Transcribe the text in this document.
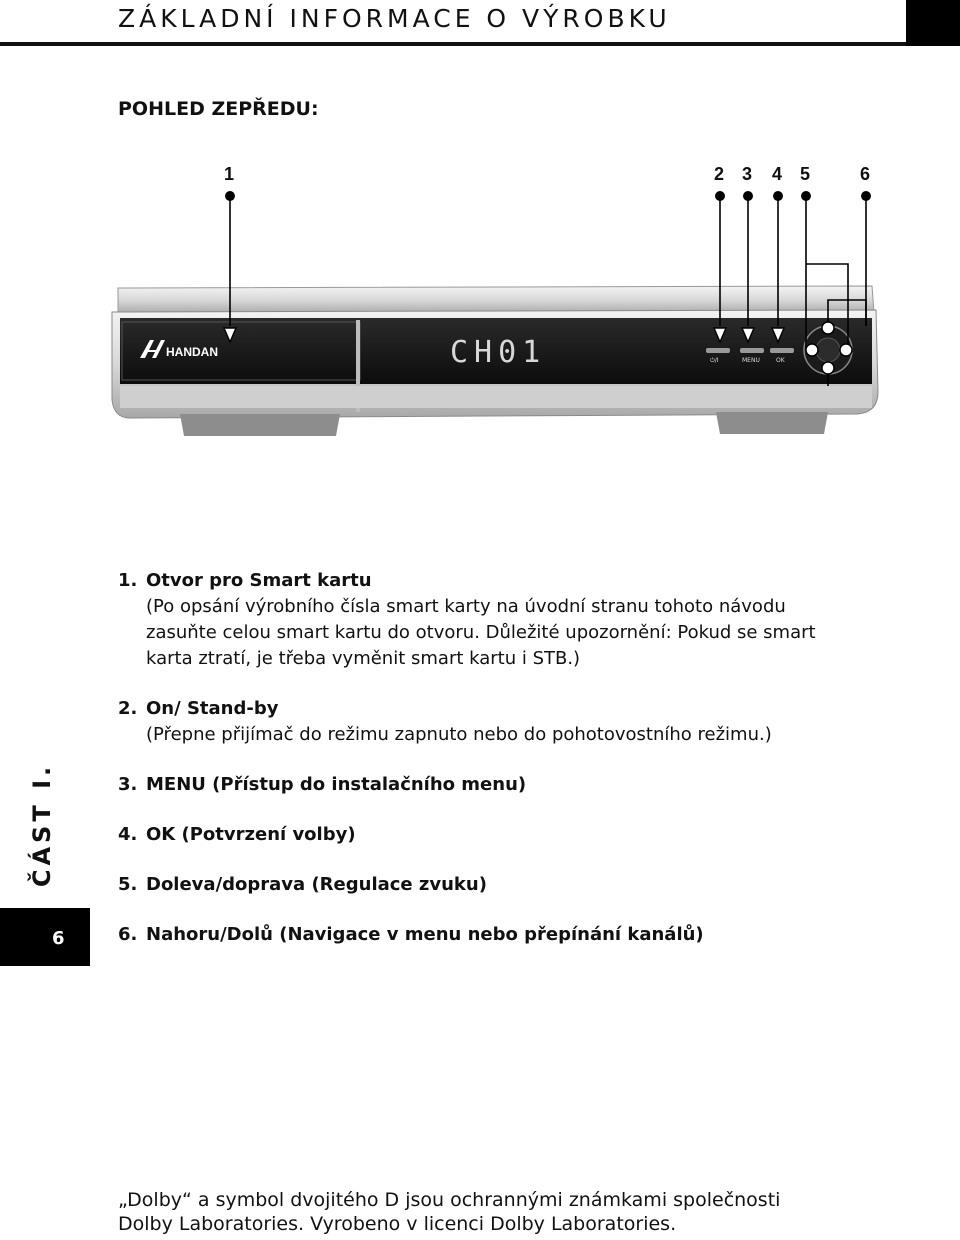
ZÁKLADNÍ INFORMACE O VÝROBKU
POHLED ZEPŘEDU:
1	2 3 4 5	6
HANDAN	CH01	⏻/I	MENU	OK
1. Otvor pro Smart kartu
(Po opsání výrobního čísla smart karty na úvodní stranu tohoto návodu
zasuňte celou smart kartu do otvoru. Důležité upozornění: Pokud se smart
karta ztratí, je třeba vyměnit smart kartu i STB.)
2. On/ Stand-by
(Přepne přijímač do režimu zapnuto nebo do pohotovostního režimu.)
3. MENU (Přístup do instalačního menu)
4. OK (Potvrzení volby)
5. Doleva/doprava (Regulace zvuku)
6. Nahoru/Dolů (Navigace v menu nebo přepínání kanálů)
ČÁST I.
6
„Dolby“ a symbol dvojitého D jsou ochrannými známkami společnosti
Dolby Laboratories. Vyrobeno v licenci Dolby Laboratories.
